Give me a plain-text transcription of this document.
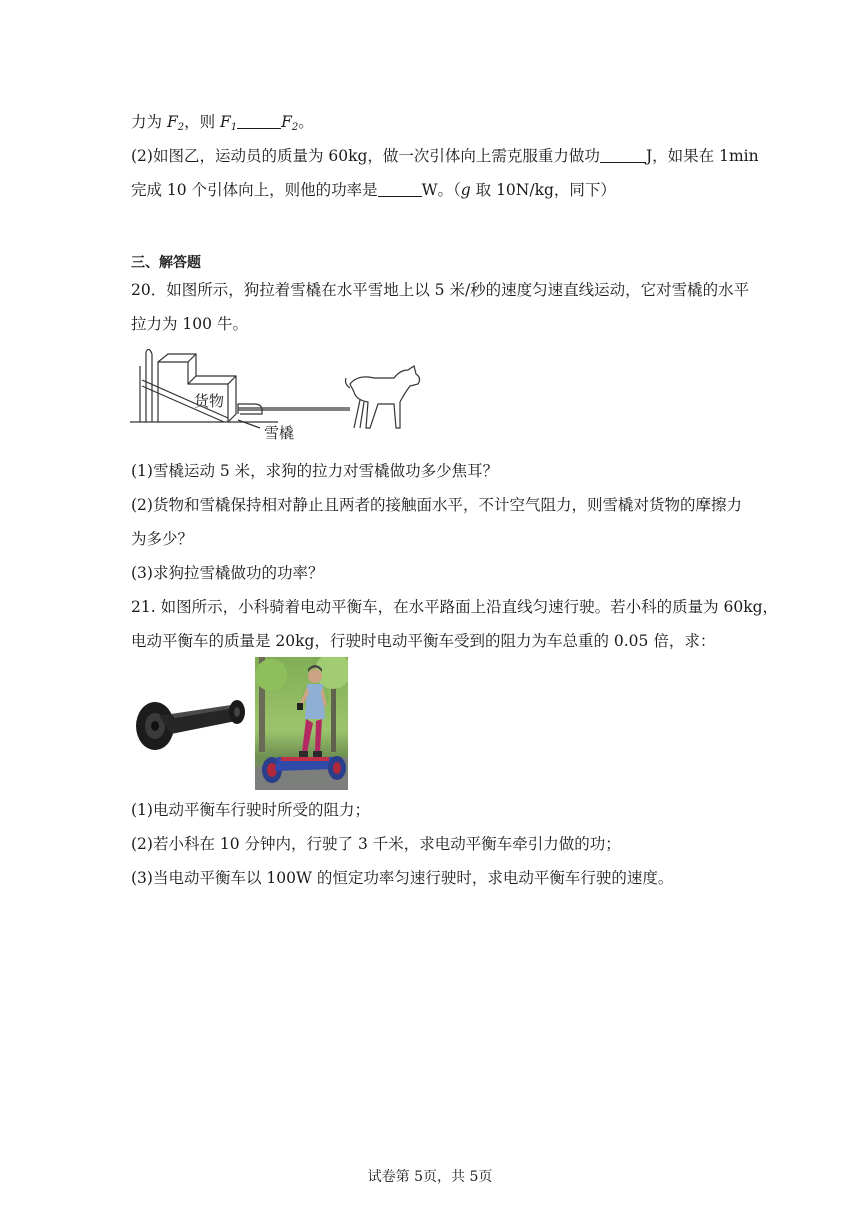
力为 $F_2$，则 $F_1$	$F_2$。
(2)如图乙，运动员的质量为 60kg，做一次引体向上需克服重力做功	J，如果在 1min
完成 10 个引体向上，则他的功率是	W。（g 取 10N/kg，同下）
三、解答题
20．如图所示，狗拉着雪橇在水平雪地上以 5 米/秒的速度匀速直线运动，它对雪橇的水平
拉力为 100 牛。
货物
雪橇
(1)雪橇运动 5 米，求狗的拉力对雪橇做功多少焦耳？
(2)货物和雪橇保持相对静止且两者的接触面水平，不计空气阻力，则雪橇对货物的摩擦力
为多少？
(3)求狗拉雪橇做功的功率？
21. 如图所示，小科骑着电动平衡车，在水平路面上沿直线匀速行驶。若小科的质量为 60kg，
电动平衡车的质量是 20kg，行驶时电动平衡车受到的阻力为车总重的 0.05 倍，求：
(1)电动平衡车行驶时所受的阻力；
(2)若小科在 10 分钟内，行驶了 3 千米，求电动平衡车牵引力做的功；
(3)当电动平衡车以 100W 的恒定功率匀速行驶时，求电动平衡车行驶的速度。
试卷第 5页，共 5页
